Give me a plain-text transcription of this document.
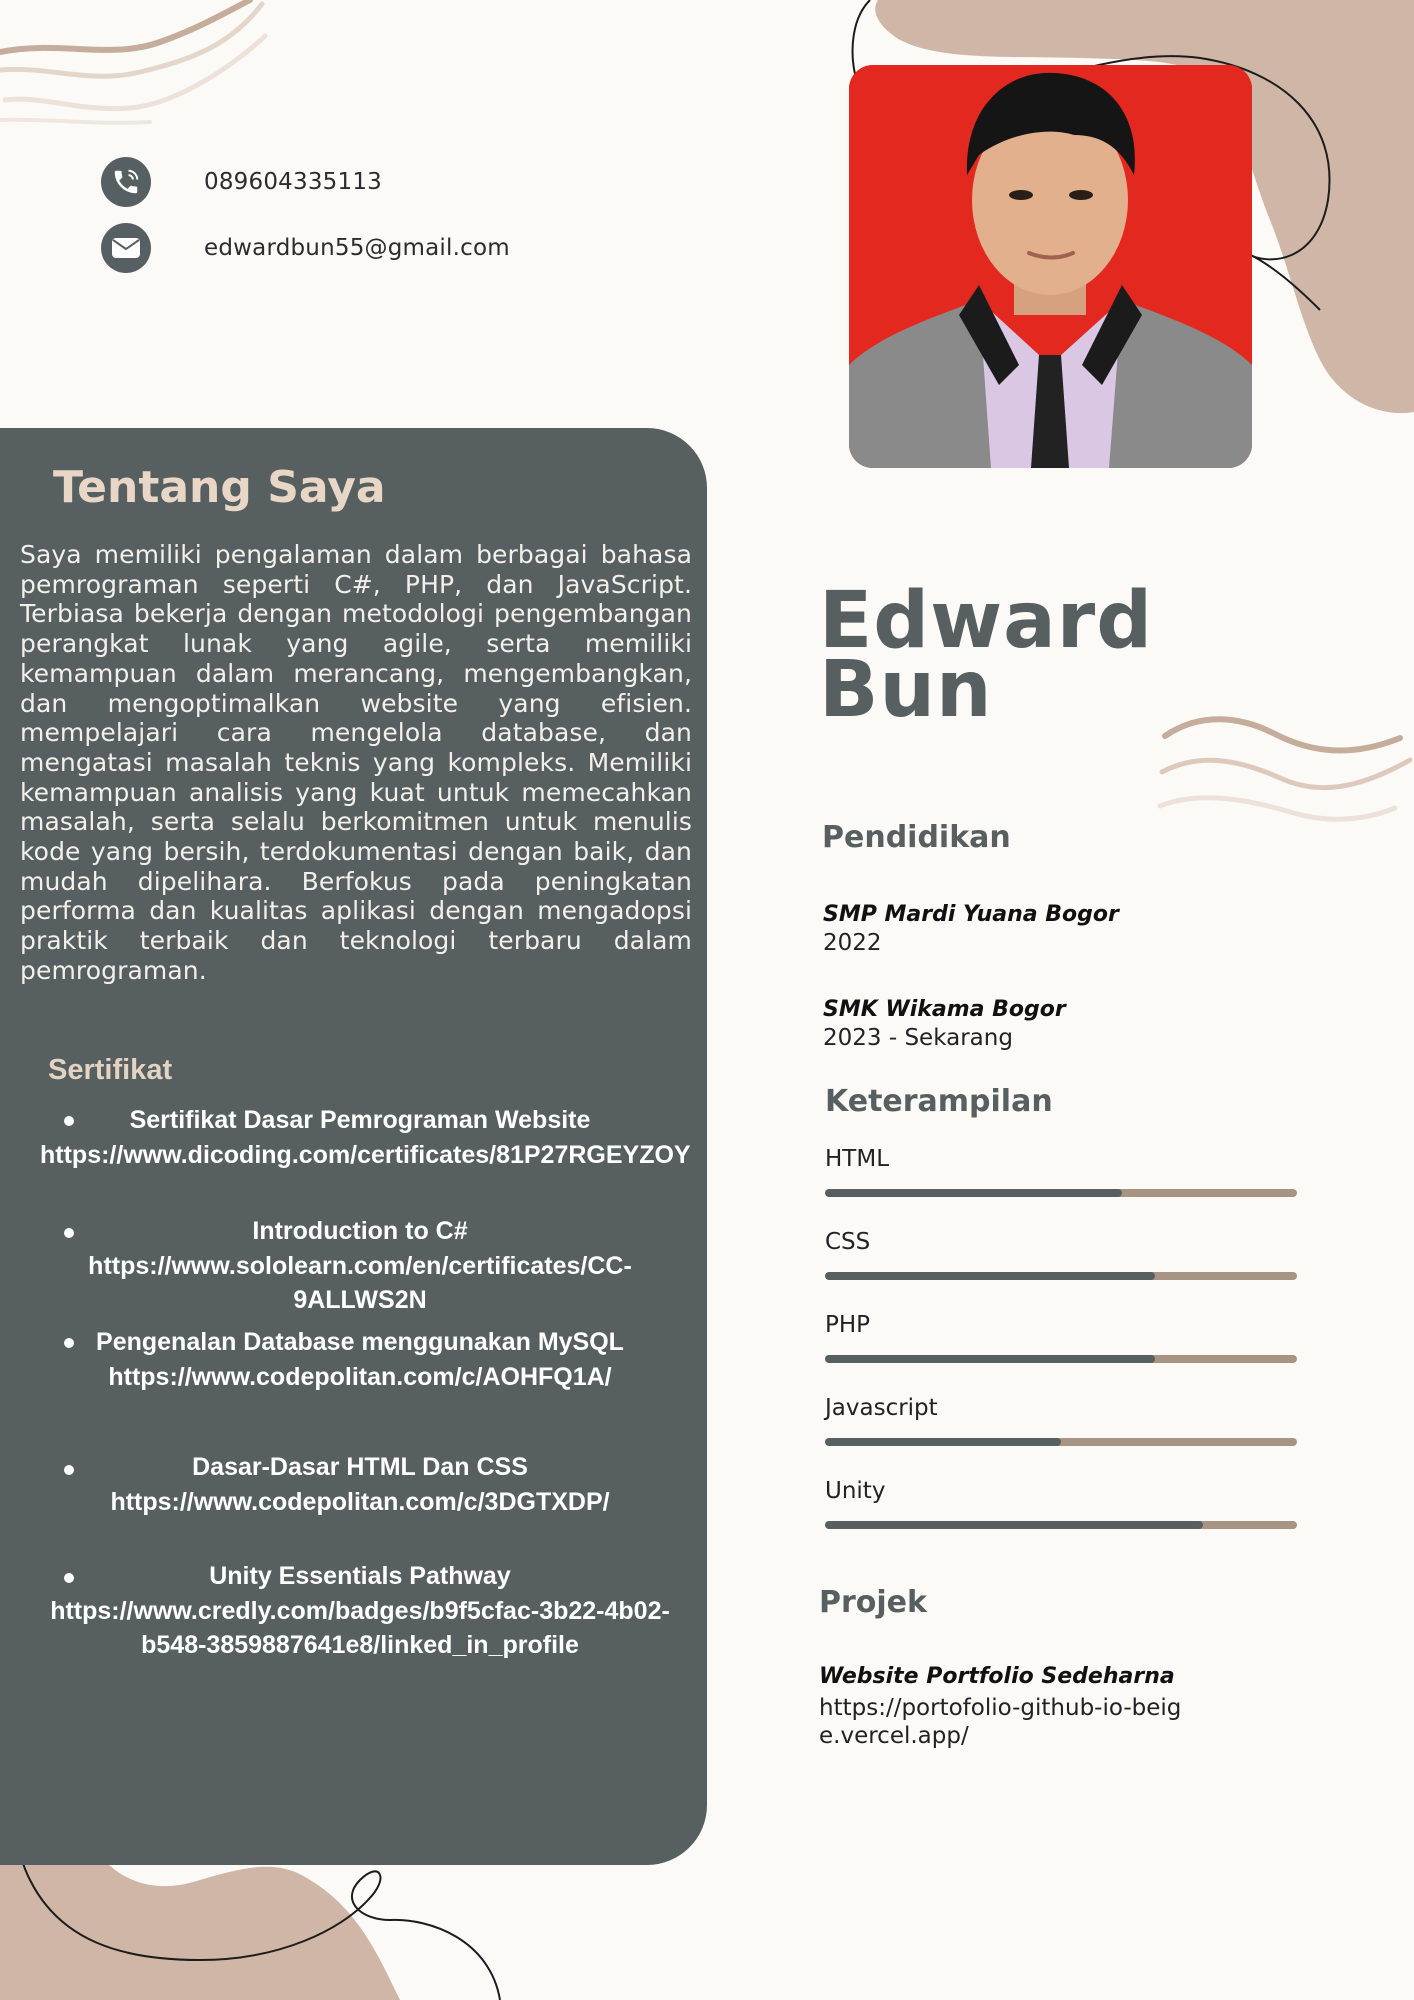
089604335113
edwardbun55@gmail.com
Edward
Bun
Tentang Saya
Saya memiliki pengalaman dalam berbagai bahasa pemrograman seperti C#, PHP, dan JavaScript. Terbiasa bekerja dengan metodologi pengembangan perangkat lunak yang agile, serta memiliki kemampuan dalam merancang, mengembangkan, dan mengoptimalkan website yang efisien. mempelajari cara mengelola database, dan mengatasi masalah teknis yang kompleks. Memiliki kemampuan analisis yang kuat untuk memecahkan masalah, serta selalu berkomitmen untuk menulis kode yang bersih, terdokumentasi dengan baik, dan mudah dipelihara. Berfokus pada peningkatan performa dan kualitas aplikasi dengan mengadopsi praktik terbaik dan teknologi terbaru dalam pemrograman.
Sertifikat
Sertifikat Dasar Pemrograman Website https://www.dicoding.com/certificates/81P27RGEYZOY
Introduction to C# https://www.sololearn.com/en/certificates/CC-9ALLWS2N
Pengenalan Database menggunakan MySQL https://www.codepolitan.com/c/AOHFQ1A/
Dasar-Dasar HTML Dan CSS https://www.codepolitan.com/c/3DGTXDP/
Unity Essentials Pathway https://www.credly.com/badges/b9f5cfac-3b22-4b02-b548-3859887641e8/linked_in_profile
Pendidikan
SMP Mardi Yuana Bogor
2022
SMK Wikama Bogor
2023 - Sekarang
Keterampilan
HTML
CSS
PHP
Javascript
Unity
Projek
Website Portfolio Sedeharna
https://portofolio-github-io-beige.vercel.app/
